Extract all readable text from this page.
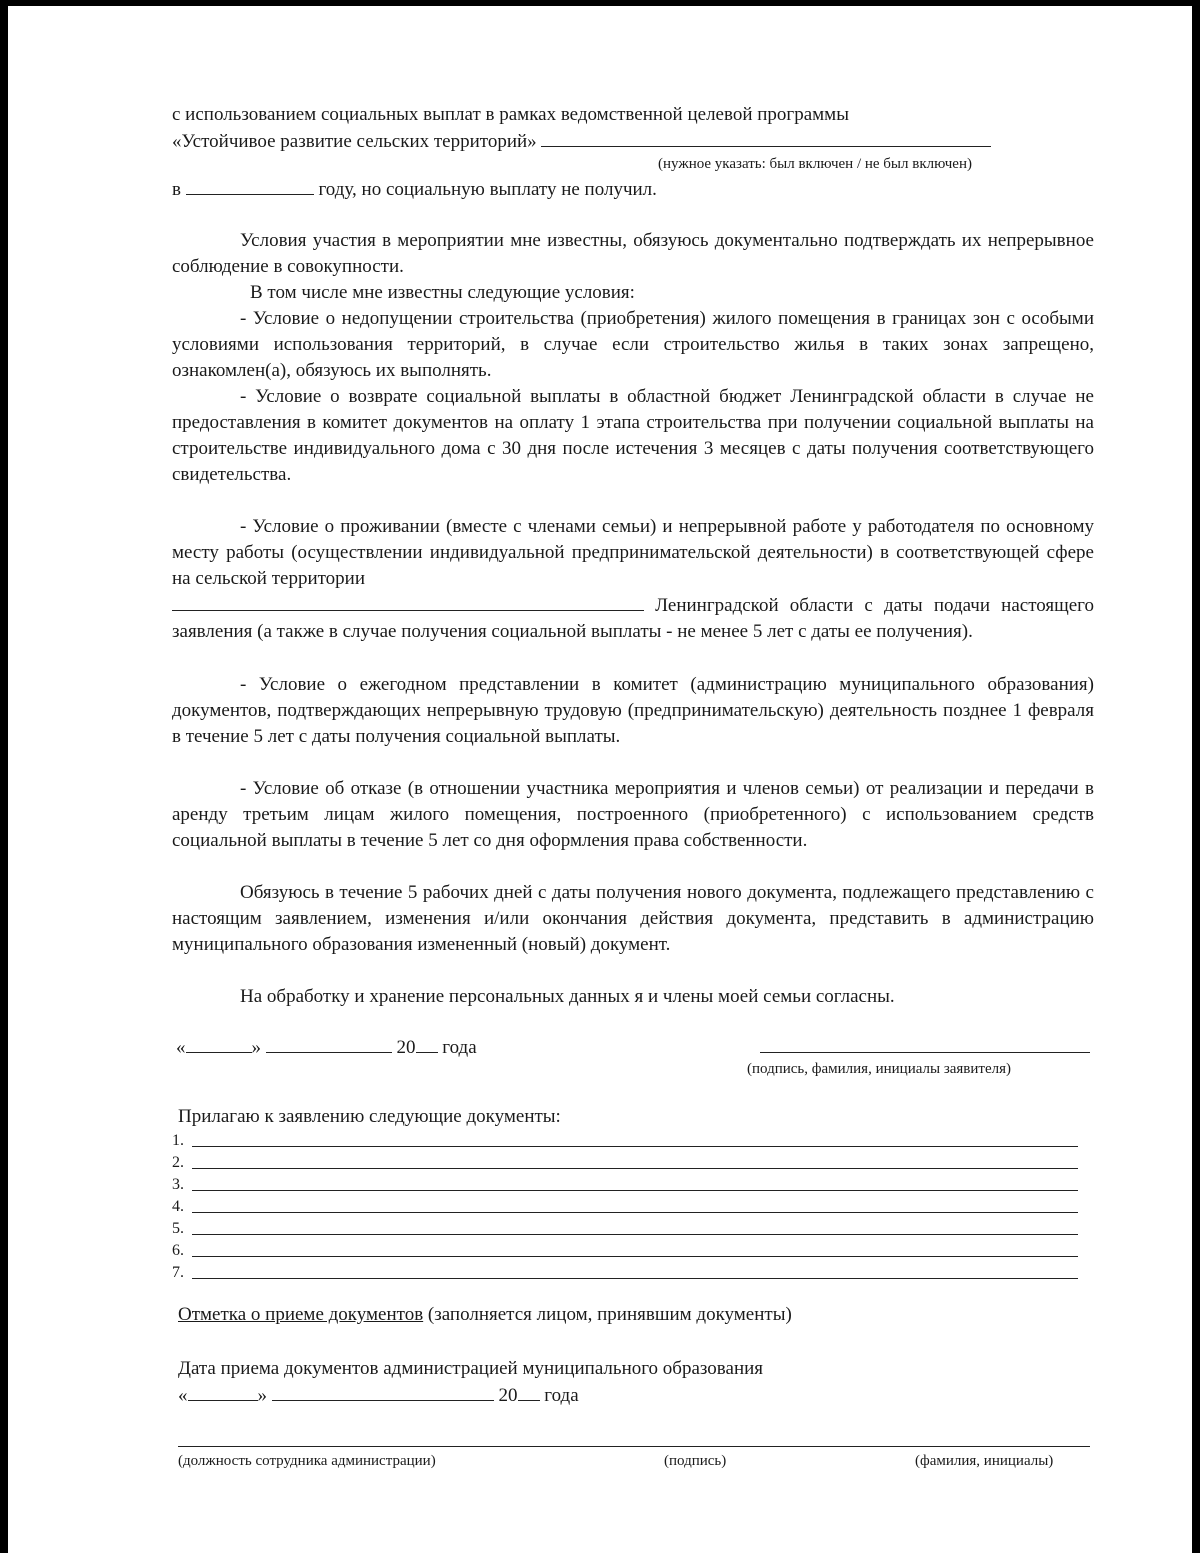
с использованием социальных выплат в рамках ведомственной целевой программы

«Устойчивое развитие сельских территорий»
(нужное указать: был включен / не был включен)
в	году, но социальную выплату не получил.

Условия участия в мероприятии мне известны, обязуюсь документально подтверждать их непрерывное соблюдение в совокупности.

В том числе мне известны следующие условия:

- Условие о недопущении строительства (приобретения) жилого помещения в границах зон с особыми условиями использования территорий, в случае если строительство жилья в таких зонах запрещено, ознакомлен(а), обязуюсь их выполнять.

- Условие о возврате социальной выплаты в областной бюджет Ленинградской области в случае не предоставления в комитет документов на оплату 1 этапа строительства при получении социальной выплаты на строительстве индивидуального дома с 30 дня после истечения 3 месяцев с даты получения соответствующего свидетельства.

- Условие о проживании (вместе с членами семьи) и непрерывной работе у работодателя по основному месту работы (осуществлении индивидуальной предпринимательской деятельности) в соответствующей сфере на сельской территории

Ленинградской области с даты подачи настоящего заявления (а также в случае получения социальной выплаты - не менее 5 лет с даты ее получения).

- Условие о ежегодном представлении в комитет (администрацию муниципального образования) документов, подтверждающих непрерывную трудовую (предпринимательскую) деятельность позднее 1 февраля в течение 5 лет с даты получения социальной выплаты.

- Условие об отказе (в отношении участника мероприятия и членов семьи) от реализации и передачи в аренду третьим лицам жилого помещения, построенного (приобретенного) с использованием средств социальной выплаты в течение 5 лет со дня оформления права собственности.

Обязуюсь в течение 5 рабочих дней с даты получения нового документа, подлежащего представлению с настоящим заявлением, изменения и/или окончания действия документа, представить в администрацию муниципального образования измененный (новый) документ.

На обработку и хранение персональных данных я и члены моей семьи согласны.

«	»	20 года
(подпись, фамилия, инициалы заявителя)
Прилагаю к заявлению следующие документы:
1.
2.
3.
4.
5.
6.
7.
Отметка о приеме документов (заполняется лицом, принявшим документы)
Дата приема документов администрацией муниципального образования
«	»	20 года
(должность сотрудника администрации)	(подпись)	(фамилия, инициалы)
